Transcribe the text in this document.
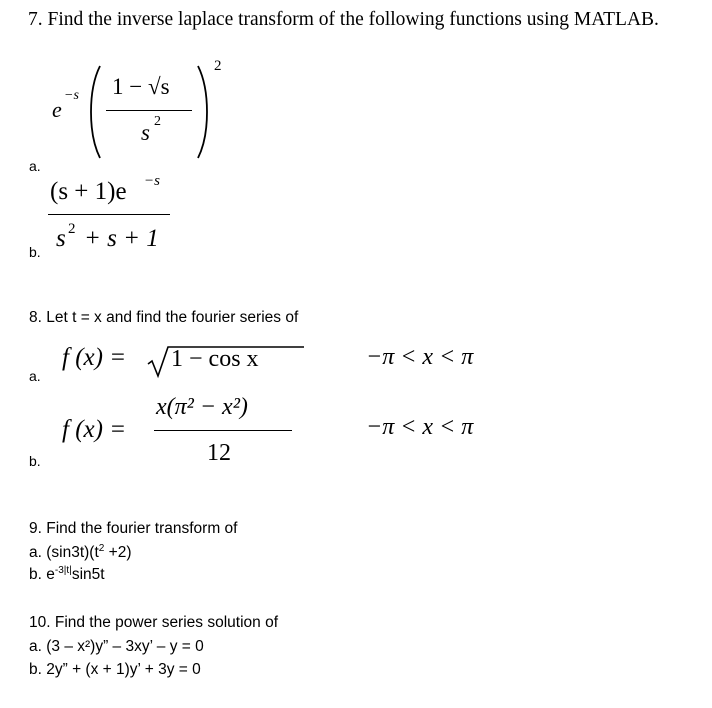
7. Find the inverse laplace transform of the following functions using MATLAB.
e
−s 1 − √s
s 2
2
a.
(s + 1)e −s
s 2 + s + 1
b.
8. Let t = x and find the fourier series of
f (x) = 1 − cos x	−π < x < π
a.
f (x) =
x(π² − x²)
12
−π < x < π
b.
9. Find the fourier transform of
a. $(\sin 3t)(t^2 +2)$
b. $e^{-3|t|}\sin 5t$
10. Find the power series solution of
a. (3 – x²)y” – 3xy’ – y = 0
b. 2y” + (x + 1)y’ + 3y = 0
